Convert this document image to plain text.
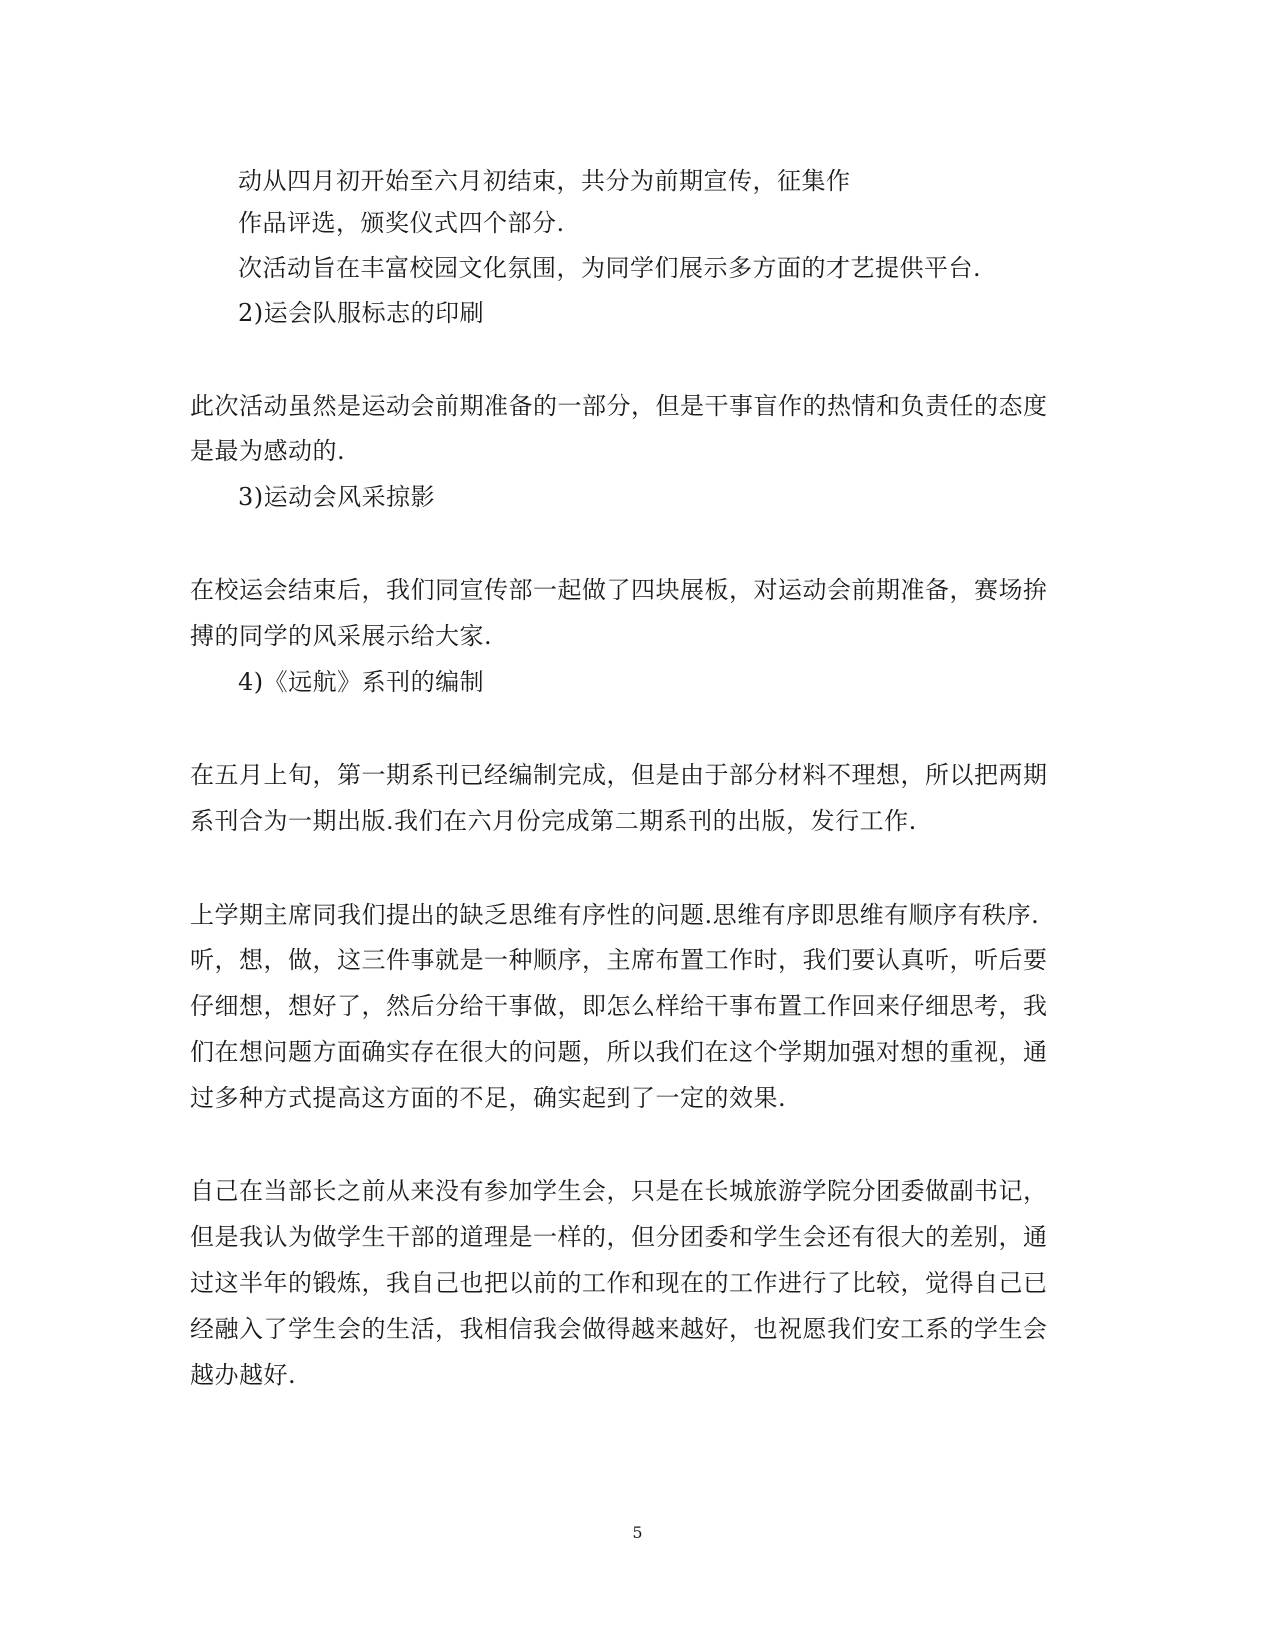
动从四月初开始至六月初结束，共分为前期宣传，征集作
作品评选，颁奖仪式四个部分.
次活动旨在丰富校园文化氛围，为同学们展示多方面的才艺提供平台.
2)运会队服标志的印刷
此次活动虽然是运动会前期准备的一部分，但是干事盲作的热情和负责任的态度
是最为感动的.
3)运动会风采掠影
在校运会结束后，我们同宣传部一起做了四块展板，对运动会前期准备，赛场拚
搏的同学的风采展示给大家.
4)《远航》系刊的编制
在五月上旬，第一期系刊已经编制完成，但是由于部分材料不理想，所以把两期
系刊合为一期出版.我们在六月份完成第二期系刊的出版，发行工作.
上学期主席同我们提出的缺乏思维有序性的问题.思维有序即思维有顺序有秩序.
听，想，做，这三件事就是一种顺序，主席布置工作时，我们要认真听，听后要
仔细想，想好了，然后分给干事做，即怎么样给干事布置工作回来仔细思考，我
们在想问题方面确实存在很大的问题，所以我们在这个学期加强对想的重视，通
过多种方式提高这方面的不足，确实起到了一定的效果.
自己在当部长之前从来没有参加学生会，只是在长城旅游学院分团委做副书记，
但是我认为做学生干部的道理是一样的，但分团委和学生会还有很大的差别，通
过这半年的锻炼，我自己也把以前的工作和现在的工作进行了比较，觉得自己已
经融入了学生会的生活，我相信我会做得越来越好，也祝愿我们安工系的学生会
越办越好.
5
